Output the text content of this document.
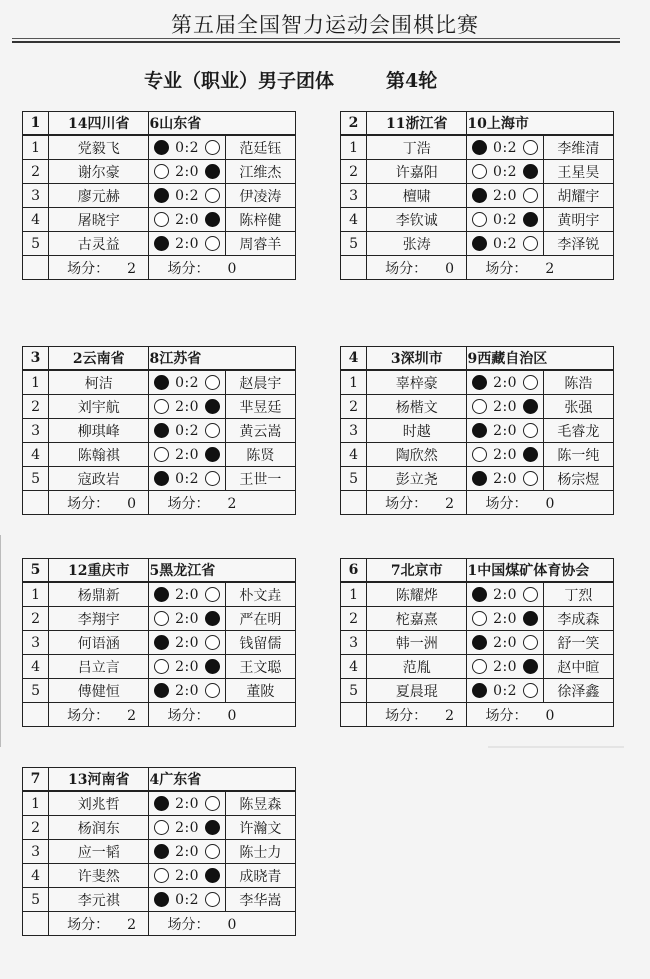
第五届全国智力运动会围棋比赛
专业（职业）男子团体	第4轮
1	14四川省	6山东省			
1	党毅飞		0:2		范廷钰
2	谢尔豪		2:0		江维杰
3	廖元赫		0:2		伊凌涛
4	屠晓宇		2:0		陈梓健
5	古灵益		2:0		周睿羊
	场分： 2	场分： 0			
2	11浙江省	10上海市			
1	丁浩		0:2		李维清
2	许嘉阳		0:2		王星昊
3	檀啸		2:0		胡耀宇
4	李钦诚		0:2		黄明宇
5	张涛		0:2		李泽锐
	场分： 0	场分： 2			
3	2云南省	8江苏省			
1	柯洁		0:2		赵晨宇
2	刘宇航		2:0		芈昱廷
3	柳琪峰		0:2		黄云嵩
4	陈翰祺		2:0		陈贤
5	寇政岩		0:2		王世一
	场分： 0	场分： 2			
4	3深圳市	9西藏自治区			
1	辜梓豪		2:0		陈浩
2	杨楷文		2:0		张强
3	时越		2:0		毛睿龙
4	陶欣然		2:0		陈一纯
5	彭立尧		2:0		杨宗煜
	场分： 2	场分： 0			
5	12重庆市	5黑龙江省			
1	杨鼎新		2:0		朴文垚
2	李翔宇		2:0		严在明
3	何语涵		2:0		钱留儒
4	吕立言		2:0		王文聪
5	傅健恒		2:0		董陂
	场分： 2	场分： 0			
6	7北京市	1中国煤矿体育协会			
1	陈耀烨		2:0		丁烈
2	柁嘉熹		2:0		李成森
3	韩一洲		2:0		舒一笑
4	范胤		2:0		赵中暄
5	夏晨琨		0:2		徐泽鑫
	场分： 2	场分： 0			
7	13河南省	4广东省			
1	刘兆哲		2:0		陈昱森
2	杨润东		2:0		许瀚文
3	应一韬		2:0		陈士力
4	许斐然		2:0		成晓青
5	李元祺		0:2		李华嵩
	场分： 2	场分： 0			
